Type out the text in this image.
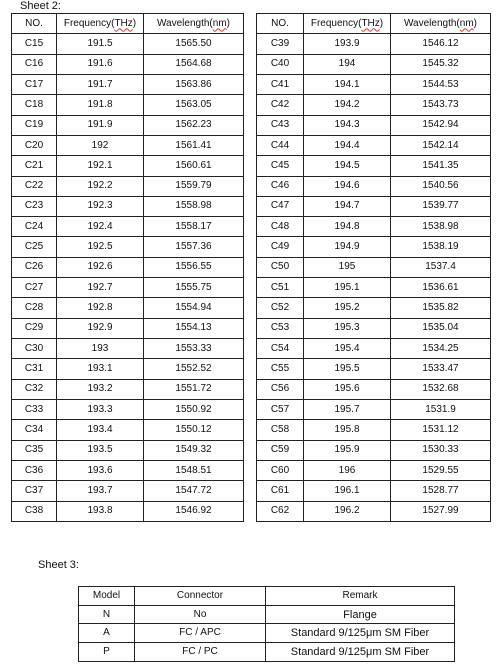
Sheet 2:
NO.	Frequency(THz)	Wavelength(nm)
C15	191.5	1565.50
C16	191.6	1564.68
C17	191.7	1563.86
C18	191.8	1563.05
C19	191.9	1562.23
C20	192	1561.41
C21	192.1	1560.61
C22	192.2	1559.79
C23	192.3	1558.98
C24	192.4	1558.17
C25	192.5	1557.36
C26	192.6	1556.55
C27	192.7	1555.75
C28	192.8	1554.94
C29	192.9	1554.13
C30	193	1553.33
C31	193.1	1552.52
C32	193.2	1551.72
C33	193.3	1550.92
C34	193.4	1550.12
C35	193.5	1549.32
C36	193.6	1548.51
C37	193.7	1547.72
C38	193.8	1546.92
NO.	Frequency(THz)	Wavelength(nm)
C39	193.9	1546.12
C40	194	1545.32
C41	194.1	1544.53
C42	194.2	1543.73
C43	194.3	1542.94
C44	194.4	1542.14
C45	194.5	1541.35
C46	194.6	1540.56
C47	194.7	1539.77
C48	194.8	1538.98
C49	194.9	1538.19
C50	195	1537.4
C51	195.1	1536.61
C52	195.2	1535.82
C53	195.3	1535.04
C54	195.4	1534.25
C55	195.5	1533.47
C56	195.6	1532.68
C57	195.7	1531.9
C58	195.8	1531.12
C59	195.9	1530.33
C60	196	1529.55
C61	196.1	1528.77
C62	196.2	1527.99
Sheet 3:
Model	Connector	Remark
N	No	Flange
A	FC / APC	Standard 9/125μm SM Fiber
P	FC / PC	Standard 9/125μm SM Fiber
